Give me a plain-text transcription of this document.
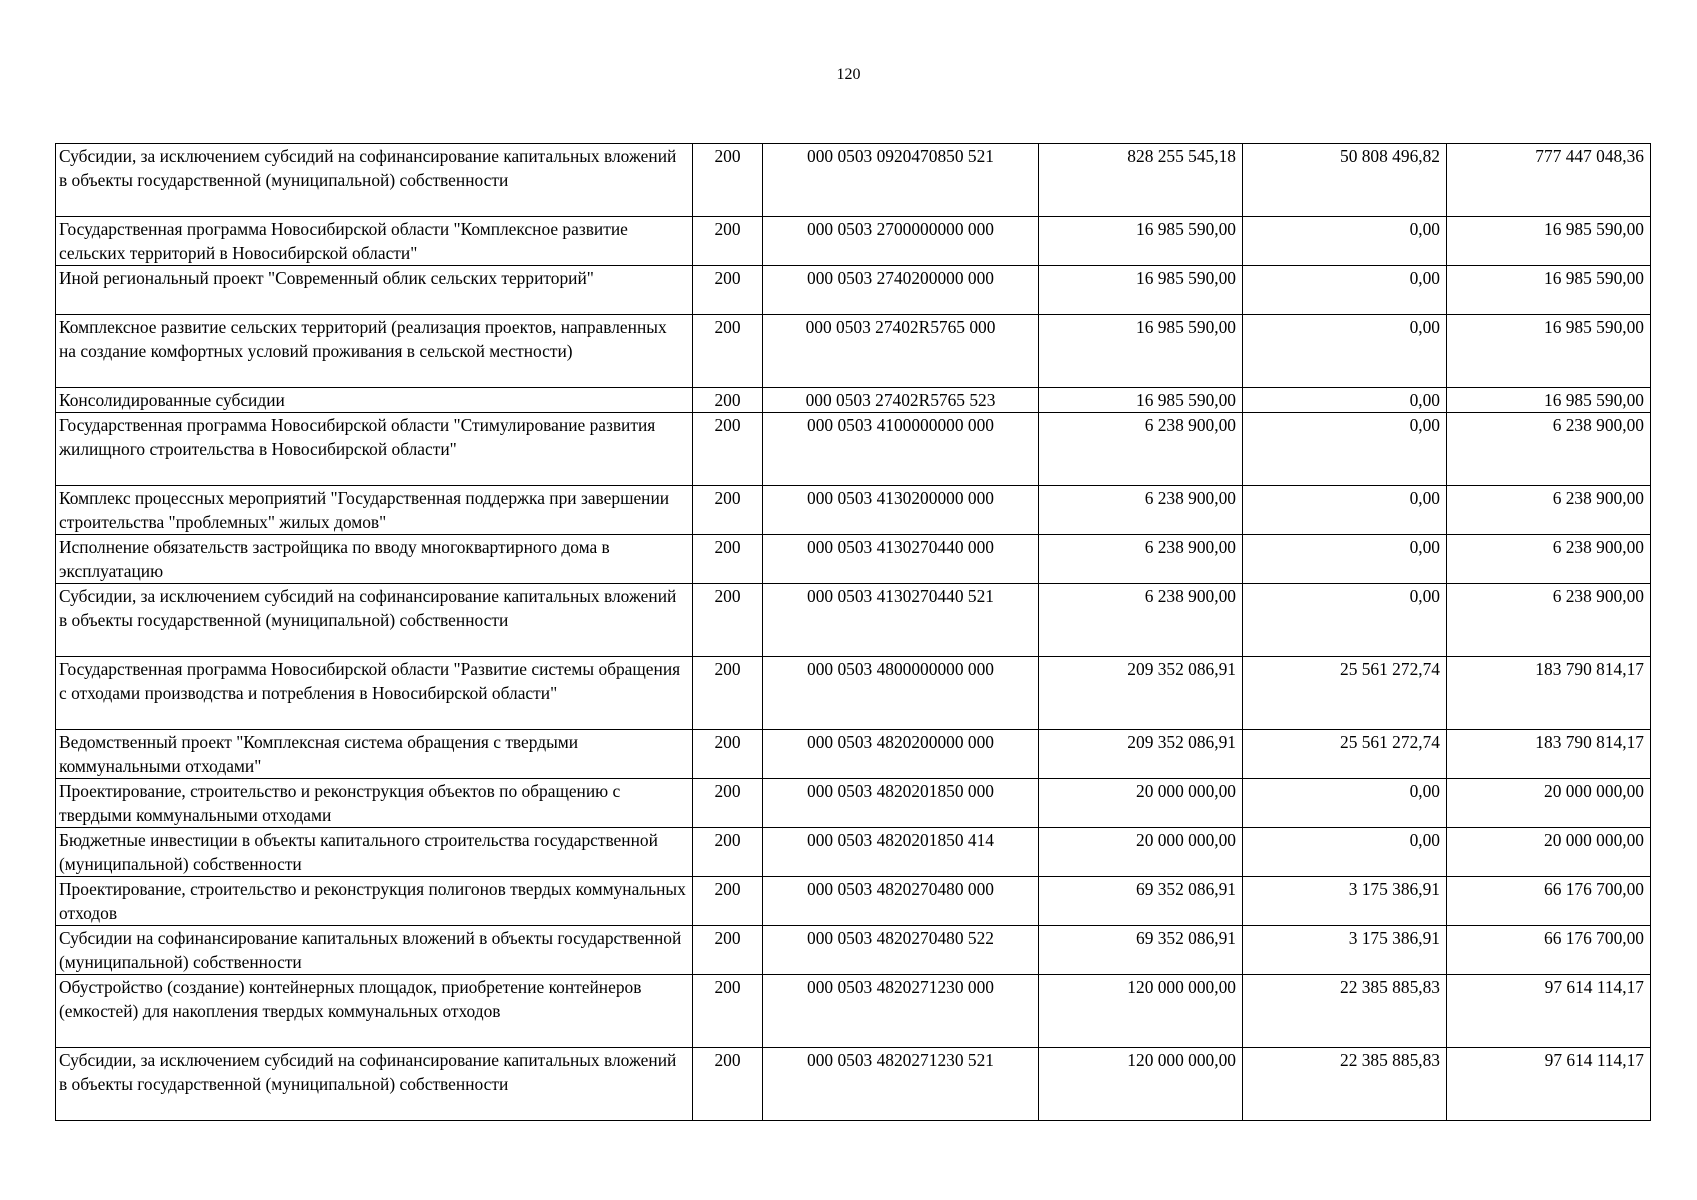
120
Субсидии, за исключением субсидий на софинансирование капитальных вложений в объекты государственной (муниципальной) собственности	200	000 0503 0920470850 521	828 255 545,18	50 808 496,82	777 447 048,36
Государственная программа Новосибирской области "Комплексное развитие сельских территорий в Новосибирской области"	200	000 0503 2700000000 000	16 985 590,00	0,00	16 985 590,00
Иной региональный проект "Современный облик сельских территорий"	200	000 0503 2740200000 000	16 985 590,00	0,00	16 985 590,00
Комплексное развитие сельских территорий (реализация проектов, направленных на создание комфортных условий проживания в сельской местности)	200	000 0503 27402R5765 000	16 985 590,00	0,00	16 985 590,00
Консолидированные субсидии	200	000 0503 27402R5765 523	16 985 590,00	0,00	16 985 590,00
Государственная программа Новосибирской области "Стимулирование развития жилищного строительства в Новосибирской области"	200	000 0503 4100000000 000	6 238 900,00	0,00	6 238 900,00
Комплекс процессных мероприятий "Государственная поддержка при завершении строительства "проблемных" жилых домов"	200	000 0503 4130200000 000	6 238 900,00	0,00	6 238 900,00
Исполнение обязательств застройщика по вводу многоквартирного дома в эксплуатацию	200	000 0503 4130270440 000	6 238 900,00	0,00	6 238 900,00
Субсидии, за исключением субсидий на софинансирование капитальных вложений в объекты государственной (муниципальной) собственности	200	000 0503 4130270440 521	6 238 900,00	0,00	6 238 900,00
Государственная программа Новосибирской области "Развитие системы обращения с отходами производства и потребления в Новосибирской области"	200	000 0503 4800000000 000	209 352 086,91	25 561 272,74	183 790 814,17
Ведомственный проект "Комплексная система обращения с твердыми коммунальными отходами"	200	000 0503 4820200000 000	209 352 086,91	25 561 272,74	183 790 814,17
Проектирование, строительство и реконструкция объектов по обращению с твердыми коммунальными отходами	200	000 0503 4820201850 000	20 000 000,00	0,00	20 000 000,00
Бюджетные инвестиции в объекты капитального строительства государственной (муниципальной) собственности	200	000 0503 4820201850 414	20 000 000,00	0,00	20 000 000,00
Проектирование, строительство и реконструкция полигонов твердых коммунальных отходов	200	000 0503 4820270480 000	69 352 086,91	3 175 386,91	66 176 700,00
Субсидии на софинансирование капитальных вложений в объекты государственной (муниципальной) собственности	200	000 0503 4820270480 522	69 352 086,91	3 175 386,91	66 176 700,00
Обустройство (создание) контейнерных площадок, приобретение контейнеров (емкостей) для накопления твердых коммунальных отходов	200	000 0503 4820271230 000	120 000 000,00	22 385 885,83	97 614 114,17
Субсидии, за исключением субсидий на софинансирование капитальных вложений в объекты государственной (муниципальной) собственности	200	000 0503 4820271230 521	120 000 000,00	22 385 885,83	97 614 114,17
